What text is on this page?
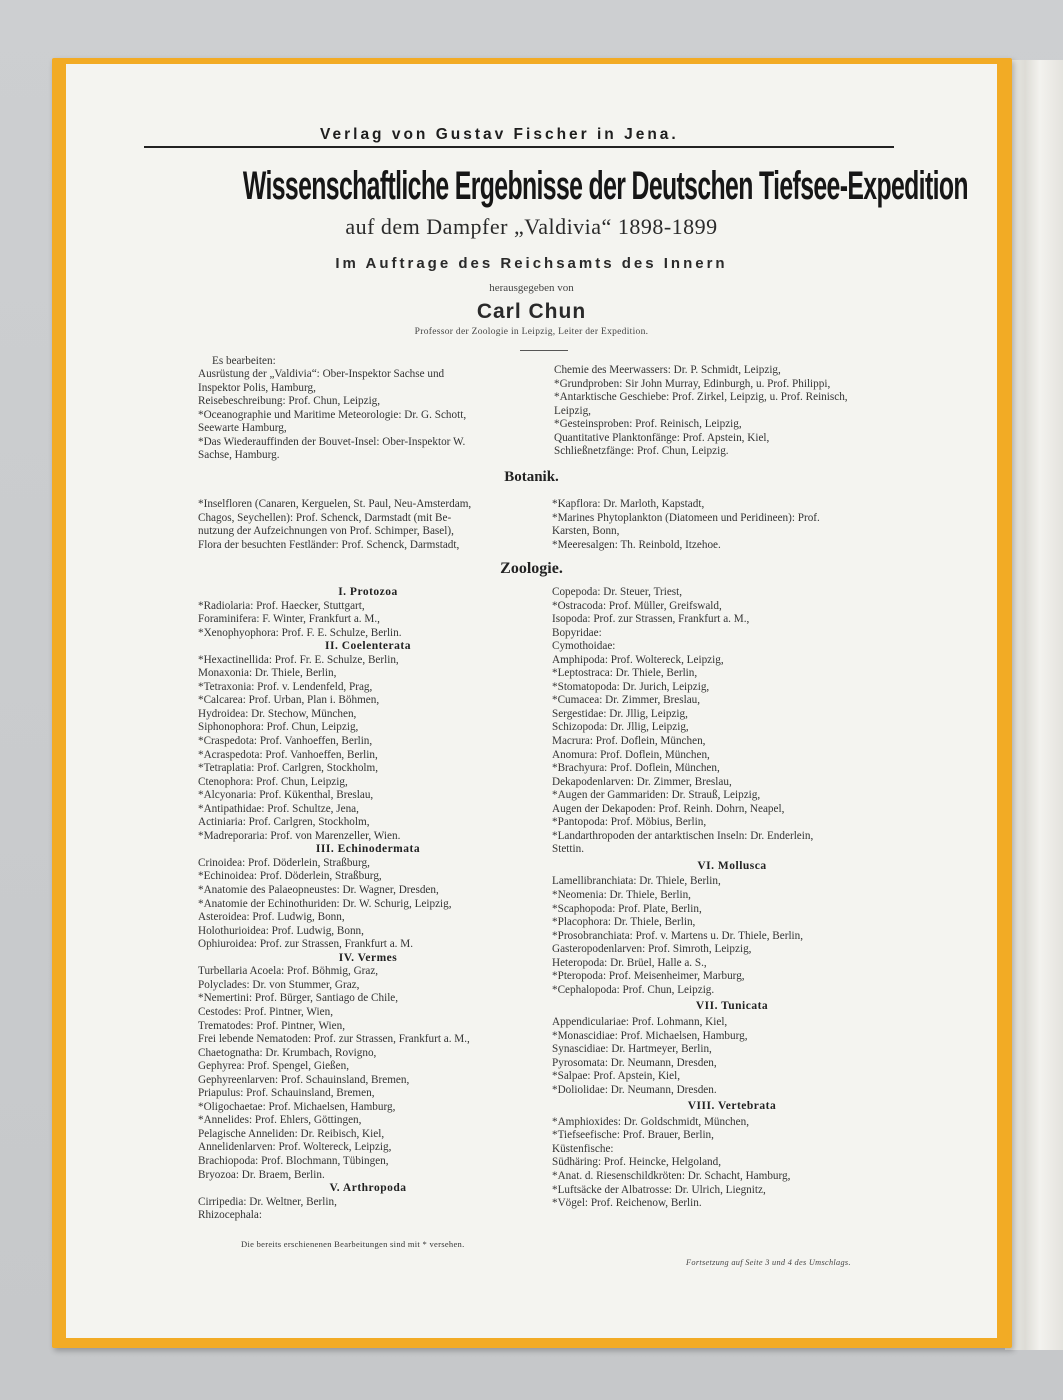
Verlag von Gustav Fischer in Jena.
Wissenschaftliche Ergebnisse der Deutschen Tiefsee-Expedition
auf dem Dampfer „Valdivia“ 1898-1899
Im Auftrage des Reichsamts des Innern
herausgegeben von
Carl Chun
Professor der Zoologie in Leipzig, Leiter der Expedition.
Es bearbeiten:
Ausrüstung der „Valdivia“: Ober-Inspektor Sachse und
Inspektor Polis, Hamburg,
Reisebeschreibung: Prof. Chun, Leipzig,
*Oceanographie und Maritime Meteorologie: Dr. G. Schott,
Seewarte Hamburg,
*Das Wiederauffinden der Bouvet-Insel: Ober-Inspektor W.
Sachse, Hamburg.
Chemie des Meerwassers: Dr. P. Schmidt, Leipzig,
*Grundproben: Sir John Murray, Edinburgh, u. Prof. Philippi,
*Antarktische Geschiebe: Prof. Zirkel, Leipzig, u. Prof. Reinisch,
Leipzig,
*Gesteinsproben: Prof. Reinisch, Leipzig,
Quantitative Planktonfänge: Prof. Apstein, Kiel,
Schließnetzfänge: Prof. Chun, Leipzig.
Botanik.
*Inselfloren (Canaren, Kerguelen, St. Paul, Neu-Amsterdam,
Chagos, Seychellen): Prof. Schenck, Darmstadt (mit Be-
nutzung der Aufzeichnungen von Prof. Schimper, Basel),
Flora der besuchten Festländer: Prof. Schenck, Darmstadt,
*Kapflora: Dr. Marloth, Kapstadt,
*Marines Phytoplankton (Diatomeen und Peridineen): Prof.
Karsten, Bonn,
*Meeresalgen: Th. Reinbold, Itzehoe.
Zoologie.
I. Protozoa
*Radiolaria: Prof. Haecker, Stuttgart,
Foraminifera: F. Winter, Frankfurt a. M.,
*Xenophyophora: Prof. F. E. Schulze, Berlin.
II. Coelenterata
*Hexactinellida: Prof. Fr. E. Schulze, Berlin,
Monaxonia: Dr. Thiele, Berlin,
*Tetraxonia: Prof. v. Lendenfeld, Prag,
*Calcarea: Prof. Urban, Plan i. Böhmen,
Hydroidea: Dr. Stechow, München,
Siphonophora: Prof. Chun, Leipzig,
*Craspedota: Prof. Vanhoeffen, Berlin,
*Acraspedota: Prof. Vanhoeffen, Berlin,
*Tetraplatia: Prof. Carlgren, Stockholm,
Ctenophora: Prof. Chun, Leipzig,
*Alcyonaria: Prof. Kükenthal, Breslau,
*Antipathidae: Prof. Schultze, Jena,
Actiniaria: Prof. Carlgren, Stockholm,
*Madreporaria: Prof. von Marenzeller, Wien.
III. Echinodermata
Crinoidea: Prof. Döderlein, Straßburg,
*Echinoidea: Prof. Döderlein, Straßburg,
*Anatomie des Palaeopneustes: Dr. Wagner, Dresden,
*Anatomie der Echinothuriden: Dr. W. Schurig, Leipzig,
Asteroidea: Prof. Ludwig, Bonn,
Holothurioidea: Prof. Ludwig, Bonn,
Ophiuroidea: Prof. zur Strassen, Frankfurt a. M.
IV. Vermes
Turbellaria Acoela: Prof. Böhmig, Graz,
Polyclades: Dr. von Stummer, Graz,
*Nemertini: Prof. Bürger, Santiago de Chile,
Cestodes: Prof. Pintner, Wien,
Trematodes: Prof. Pintner, Wien,
Frei lebende Nematoden: Prof. zur Strassen, Frankfurt a. M.,
Chaetognatha: Dr. Krumbach, Rovigno,
Gephyrea: Prof. Spengel, Gießen,
Gephyreenlarven: Prof. Schauinsland, Bremen,
Priapulus: Prof. Schauinsland, Bremen,
*Oligochaetae: Prof. Michaelsen, Hamburg,
*Annelides: Prof. Ehlers, Göttingen,
Pelagische Anneliden: Dr. Reibisch, Kiel,
Annelidenlarven: Prof. Woltereck, Leipzig,
Brachiopoda: Prof. Blochmann, Tübingen,
Bryozoa: Dr. Braem, Berlin.
V. Arthropoda
Cirripedia: Dr. Weltner, Berlin,
Rhizocephala:
Copepoda: Dr. Steuer, Triest,
*Ostracoda: Prof. Müller, Greifswald,
Isopoda: Prof. zur Strassen, Frankfurt a. M.,
Bopyridae:
Cymothoidae:
Amphipoda: Prof. Woltereck, Leipzig,
*Leptostraca: Dr. Thiele, Berlin,
*Stomatopoda: Dr. Jurich, Leipzig,
*Cumacea: Dr. Zimmer, Breslau,
Sergestidae: Dr. Jllig, Leipzig,
Schizopoda: Dr. Jllig, Leipzig,
Macrura: Prof. Doflein, München,
Anomura: Prof. Doflein, München,
*Brachyura: Prof. Doflein, München,
Dekapodenlarven: Dr. Zimmer, Breslau,
*Augen der Gammariden: Dr. Strauß, Leipzig,
Augen der Dekapoden: Prof. Reinh. Dohrn, Neapel,
*Pantopoda: Prof. Möbius, Berlin,
*Landarthropoden der antarktischen Inseln: Dr. Enderlein,
Stettin.
VI. Mollusca
Lamellibranchiata: Dr. Thiele, Berlin,
*Neomenia: Dr. Thiele, Berlin,
*Scaphopoda: Prof. Plate, Berlin,
*Placophora: Dr. Thiele, Berlin,
*Prosobranchiata: Prof. v. Martens u. Dr. Thiele, Berlin,
Gasteropodenlarven: Prof. Simroth, Leipzig,
Heteropoda: Dr. Brüel, Halle a. S.,
*Pteropoda: Prof. Meisenheimer, Marburg,
*Cephalopoda: Prof. Chun, Leipzig.
VII. Tunicata
Appendiculariae: Prof. Lohmann, Kiel,
*Monascidiae: Prof. Michaelsen, Hamburg,
Synascidiae: Dr. Hartmeyer, Berlin,
Pyrosomata: Dr. Neumann, Dresden,
*Salpae: Prof. Apstein, Kiel,
*Doliolidae: Dr. Neumann, Dresden.
VIII. Vertebrata
*Amphioxides: Dr. Goldschmidt, München,
*Tiefseefische: Prof. Brauer, Berlin,
Küstenfische:
Südhäring: Prof. Heincke, Helgoland,
*Anat. d. Riesenschildkröten: Dr. Schacht, Hamburg,
*Luftsäcke der Albatrosse: Dr. Ulrich, Liegnitz,
*Vögel: Prof. Reichenow, Berlin.
Die bereits erschienenen Bearbeitungen sind mit * versehen.
Fortsetzung auf Seite 3 und 4 des Umschlags.
